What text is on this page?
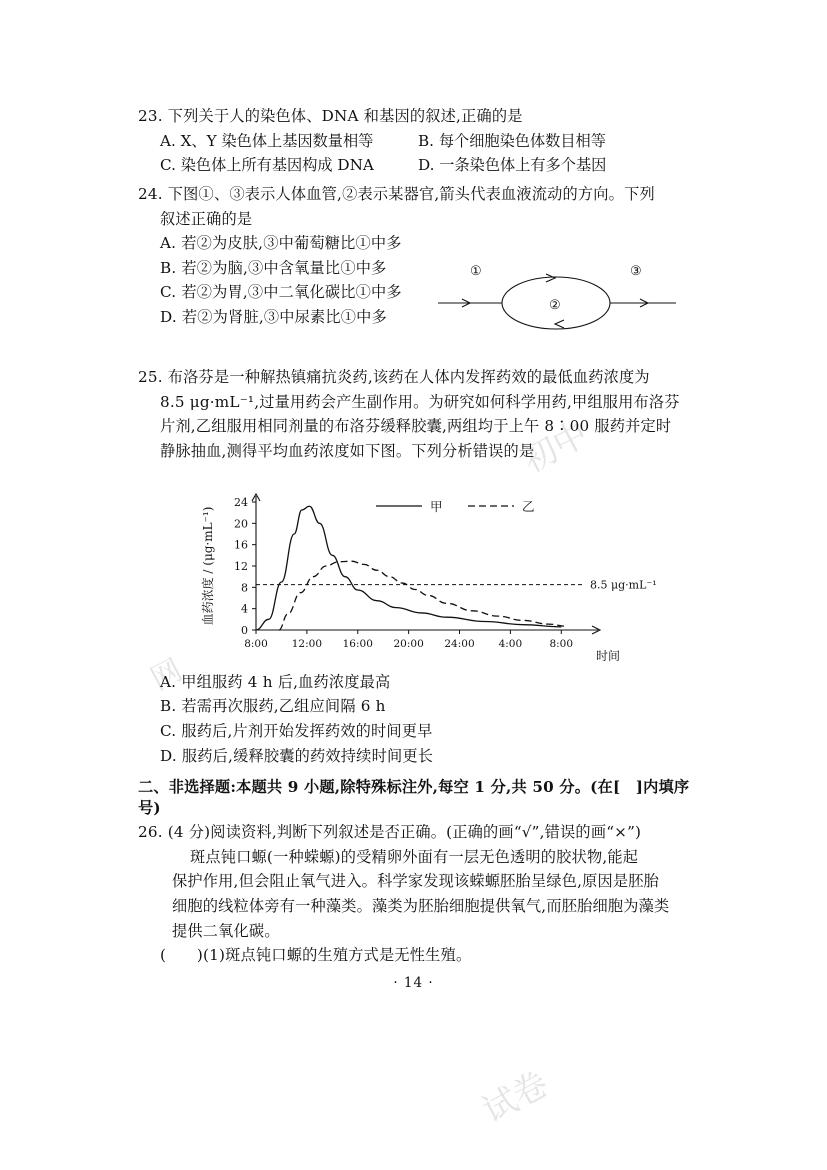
初中
网
试卷
23. 下列关于人的染色体、DNA 和基因的叙述,正确的是
A. X、Y 染色体上基因数量相等	B. 每个细胞染色体数目相等
C. 染色体上所有基因构成 DNA	D. 一条染色体上有多个基因
24. 下图①、③表示人体血管,②表示某器官,箭头代表血液流动的方向。下列
叙述正确的是
A. 若②为皮肤,③中葡萄糖比①中多
B. 若②为脑,③中含氧量比①中多
C. 若②为胃,③中二氧化碳比①中多
D. 若②为肾脏,③中尿素比①中多
①	③
②
25. 布洛芬是一种解热镇痛抗炎药,该药在人体内发挥药效的最低血药浓度为
8.5 μg·mL⁻¹,过量用药会产生副作用。为研究如何科学用药,甲组服用布洛芬
片剂,乙组服用相同剂量的布洛芬缓释胶囊,两组均于上午 8∶00 服药并定时
静脉抽血,测得平均血药浓度如下图。下列分析错误的是
0
4
8
12
16
20
24
8:00 12:00 16:00 20:00 24:00 4:00	8:00
8.5 μg·mL⁻¹
甲	乙
血药浓度 / (μg·mL⁻¹)
时间
A. 甲组服药 4 h 后,血药浓度最高
B. 若需再次服药,乙组应间隔 6 h
C. 服药后,片剂开始发挥药效的时间更早
D. 服药后,缓释胶囊的药效持续时间更长
二、非选择题:本题共 9 小题,除特殊标注外,每空 1 分,共 50 分。(在[　]内填序号)
26. (4 分)阅读资料,判断下列叙述是否正确。(正确的画“√”,错误的画“×”)
斑点钝口螈(一种蝾螈)的受精卵外面有一层无色透明的胶状物,能起
保护作用,但会阻止氧气进入。科学家发现该蝾螈胚胎呈绿色,原因是胚胎
细胞的线粒体旁有一种藻类。藻类为胚胎细胞提供氧气,而胚胎细胞为藻类
提供二氧化碳。
(　　)(1)斑点钝口螈的生殖方式是无性生殖。
· 14 ·
